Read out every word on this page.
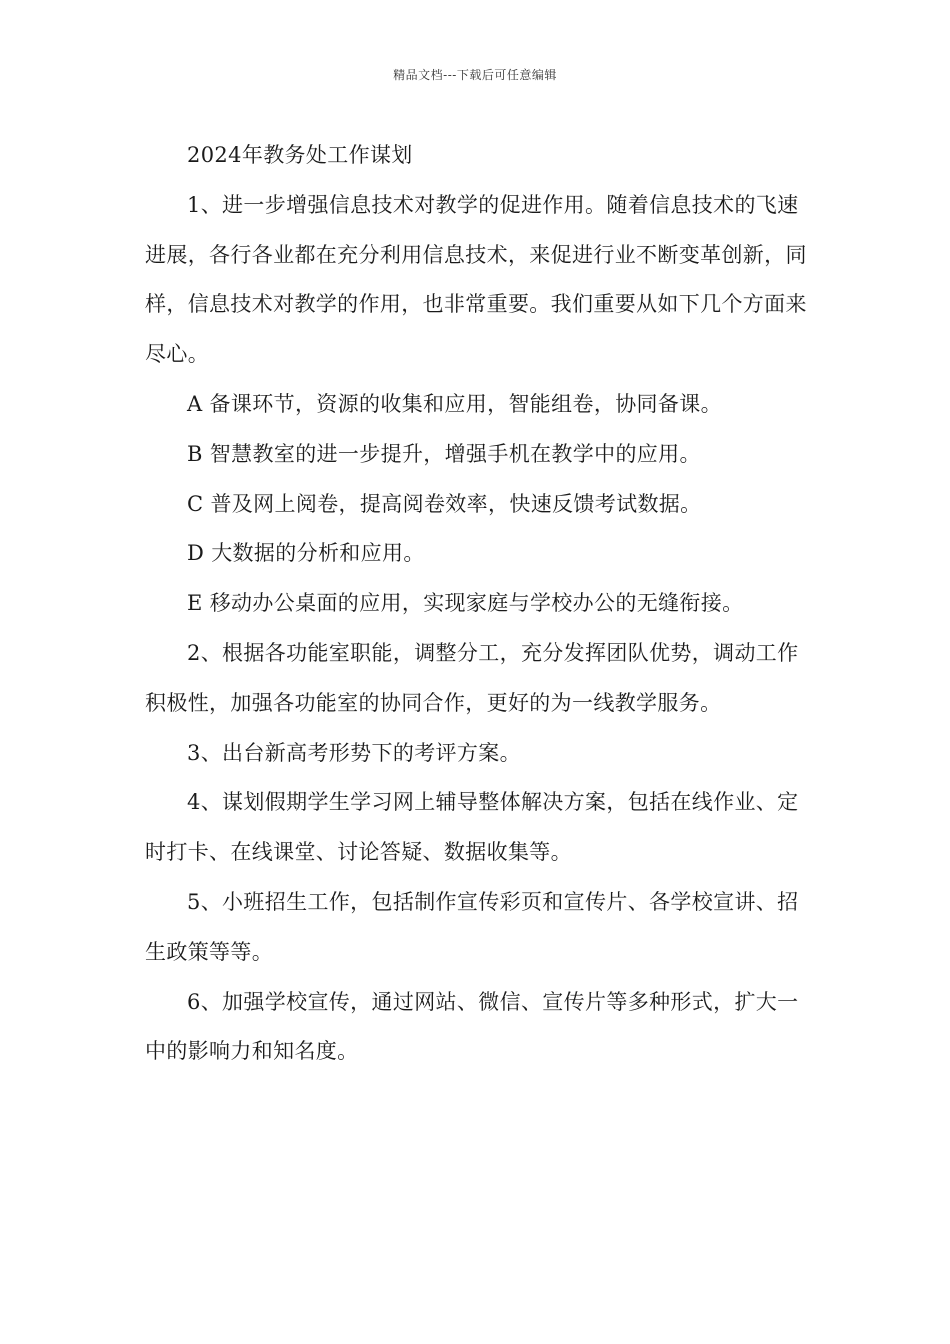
精品文档---下载后可任意编辑

2024年教务处工作谋划

1、进一步增强信息技术对教学的促进作用。随着信息技术的飞速进展，各行各业都在充分利用信息技术，来促进行业不断变革创新，同样，信息技术对教学的作用，也非常重要。我们重要从如下几个方面来尽心。

A 备课环节，资源的收集和应用，智能组卷，协同备课。

B 智慧教室的进一步提升，增强手机在教学中的应用。

C 普及网上阅卷，提高阅卷效率，快速反馈考试数据。

D 大数据的分析和应用。

E 移动办公桌面的应用，实现家庭与学校办公的无缝衔接。

2、根据各功能室职能，调整分工，充分发挥团队优势，调动工作积极性，加强各功能室的协同合作，更好的为一线教学服务。

3、出台新高考形势下的考评方案。

4、谋划假期学生学习网上辅导整体解决方案，包括在线作业、定时打卡、在线课堂、讨论答疑、数据收集等。

5、小班招生工作，包括制作宣传彩页和宣传片、各学校宣讲、招生政策等等。

6、加强学校宣传，通过网站、微信、宣传片等多种形式，扩大一中的影响力和知名度。
